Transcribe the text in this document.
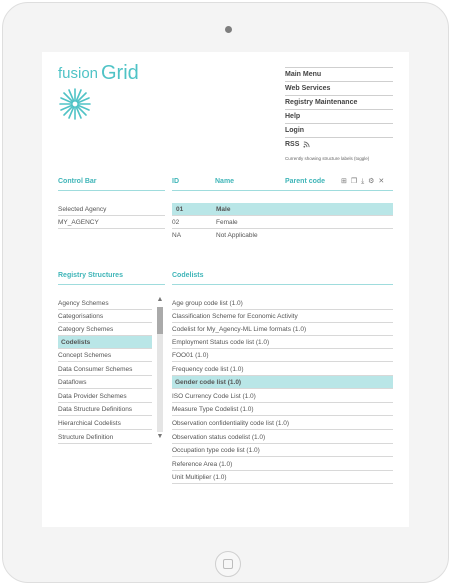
fusion Grid	Main Menu
Web Services
Registry Maintenance
Help
Login
RSS
Currently showing structure labels (toggle)
Control Bar
Selected Agency
MY_AGENCY
ID	Name	Parent code ⊞ ❐ ⤓ ⚙ ✕
01	Male
02	Female
NA	Not Applicable
Registry Structures
Agency Schemes
Categorisations
Category Schemes
Codelists
Concept Schemes
Data Consumer Schemes
Dataflows
Data Provider Schemes
Data Structure Definitions
Hierarchical Codelists
Structure Definition
▲
▼
Codelists
Age group code list (1.0)
Classification Scheme for Economic Activity
Codelist for My_Agency-ML Lime formats (1.0)
Employment Status code list (1.0)
FOO01 (1.0)
Frequency code list (1.0)
Gender code list (1.0)
ISO Currency Code List (1.0)
Measure Type Codelist (1.0)
Observation confidentiality code list (1.0)
Observation status codelist (1.0)
Occupation type code list (1.0)
Reference Area (1.0)
Unit Multiplier (1.0)
